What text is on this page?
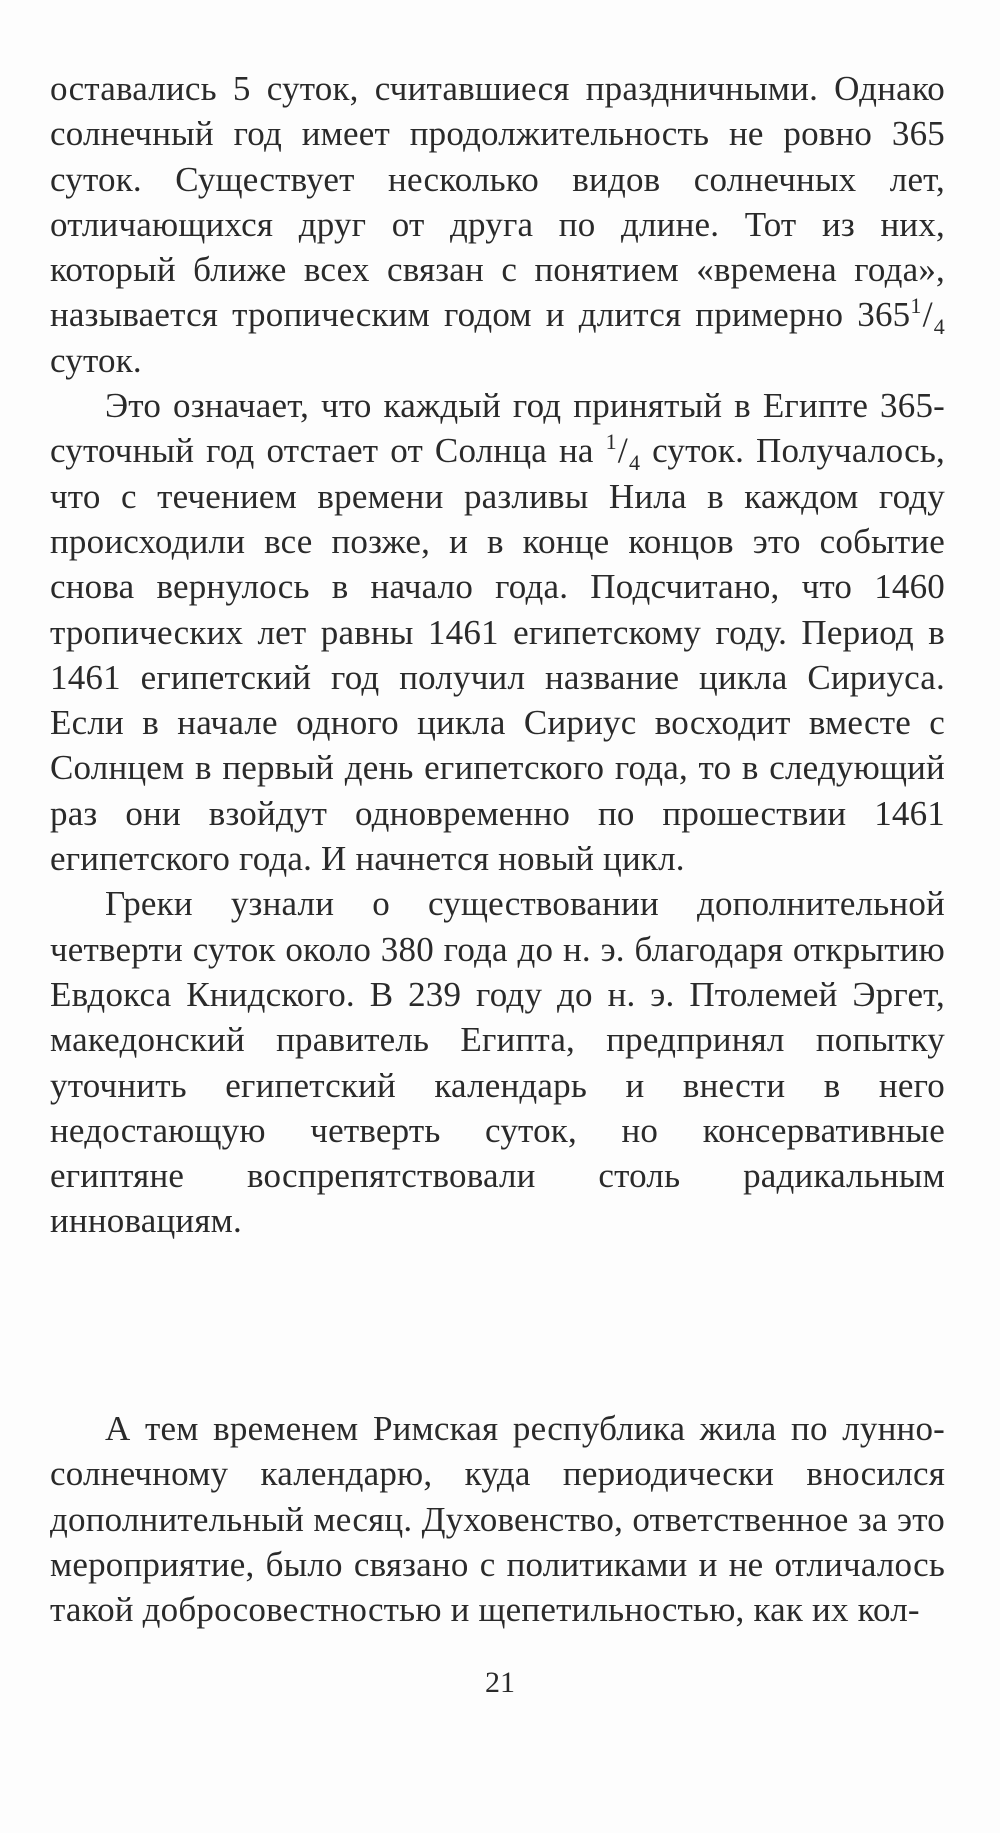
оставались 5 суток, считавшиеся праздничными. Однако солнечный год имеет продолжительность не ровно 365 суток. Существует несколько видов солнечных лет, отличающихся друг от друга по длине. Тот из них, который ближе всех связан с понятием «времена года», называется тропическим годом и длится примерно $365^1/_4$ суток.

Это означает, что каждый год принятый в Египте 365-суточный год отстает от Солнца на $^1/_4$ суток. Получалось, что с течением времени разливы Нила в каждом году происходили все позже, и в конце концов это событие снова вернулось в начало года. Подсчитано, что 1460 тропических лет равны 1461 египетскому году. Период в 1461 египетский год получил название цикла Сириуса. Если в начале одного цикла Сириус восходит вместе с Солнцем в первый день египетского года, то в следующий раз они взойдут одновременно по прошествии 1461 египетского года. И начнется новый цикл.

Греки узнали о существовании дополнительной четверти суток около 380 года до н. э. благодаря открытию Евдокса Книдского. В 239 году до н. э. Птолемей Эргет, македонский правитель Египта, предпринял попытку уточнить египетский календарь и внести в него недостающую четверть суток, но консервативные египтяне воспрепятствовали столь радикальным инновациям.

А тем временем Римская республика жила по лунно-солнечному календарю, куда периодически вносился дополнительный месяц. Духовенство, ответственное за это мероприятие, было связано с политиками и не отличалось такой добросовестностью и щепетильностью, как их кол-

21
